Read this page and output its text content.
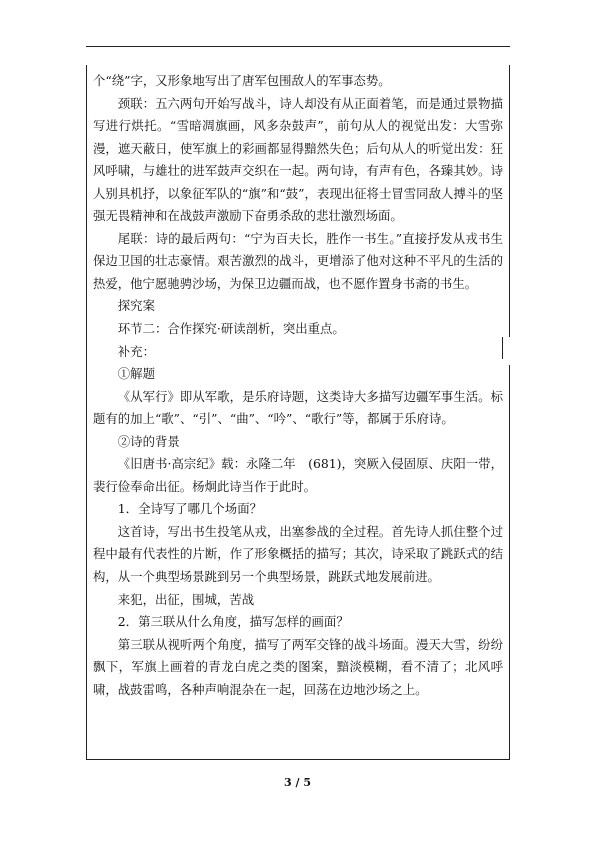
个“绕”字，又形象地写出了唐军包围敌人的军事态势。

颈联：五六两句开始写战斗，诗人却没有从正面着笔，而是通过景物描写进行烘托。“雪暗凋旗画，风多杂鼓声”，前句从人的视觉出发：大雪弥漫，遮天蔽日，使军旗上的彩画都显得黯然失色；后句从人的听觉出发：狂风呼啸，与雄壮的进军鼓声交织在一起。两句诗，有声有色，各臻其妙。诗人别具机抒，以象征军队的“旗”和“鼓”，表现出征将士冒雪同敌人搏斗的坚强无畏精神和在战鼓声激励下奋勇杀敌的悲壮激烈场面。

尾联：诗的最后两句：“宁为百夫长，胜作一书生。”直接抒发从戎书生保边卫国的壮志豪情。艰苦激烈的战斗，更增添了他对这种不平凡的生活的热爱，他宁愿驰骋沙场，为保卫边疆而战，也不愿作置身书斋的书生。

探究案

环节二：合作探究·研读剖析，突出重点。

补充：

①解题

《从军行》即从军歌，是乐府诗题，这类诗大多描写边疆军事生活。标题有的加上“歌”、“引”、“曲”、“吟”、“歌行”等，都属于乐府诗。

②诗的背景

《旧唐书·高宗纪》载：永隆二年　(681)，突厥入侵固原、庆阳一带，裴行俭奉命出征。杨炯此诗当作于此时。

1．全诗写了哪几个场面？

这首诗，写出书生投笔从戎，出塞参战的全过程。首先诗人抓住整个过程中最有代表性的片断，作了形象概括的描写；其次，诗采取了跳跃式的结构，从一个典型场景跳到另一个典型场景，跳跃式地发展前进。

来犯，出征，围城，苦战

2．第三联从什么角度，描写怎样的画面？

第三联从视听两个角度，描写了两军交锋的战斗场面。漫天大雪，纷纷飘下，军旗上画着的青龙白虎之类的图案，黯淡模糊，看不清了；北风呼啸，战鼓雷鸣，各种声响混杂在一起，回荡在边地沙场之上。

3 / 5
